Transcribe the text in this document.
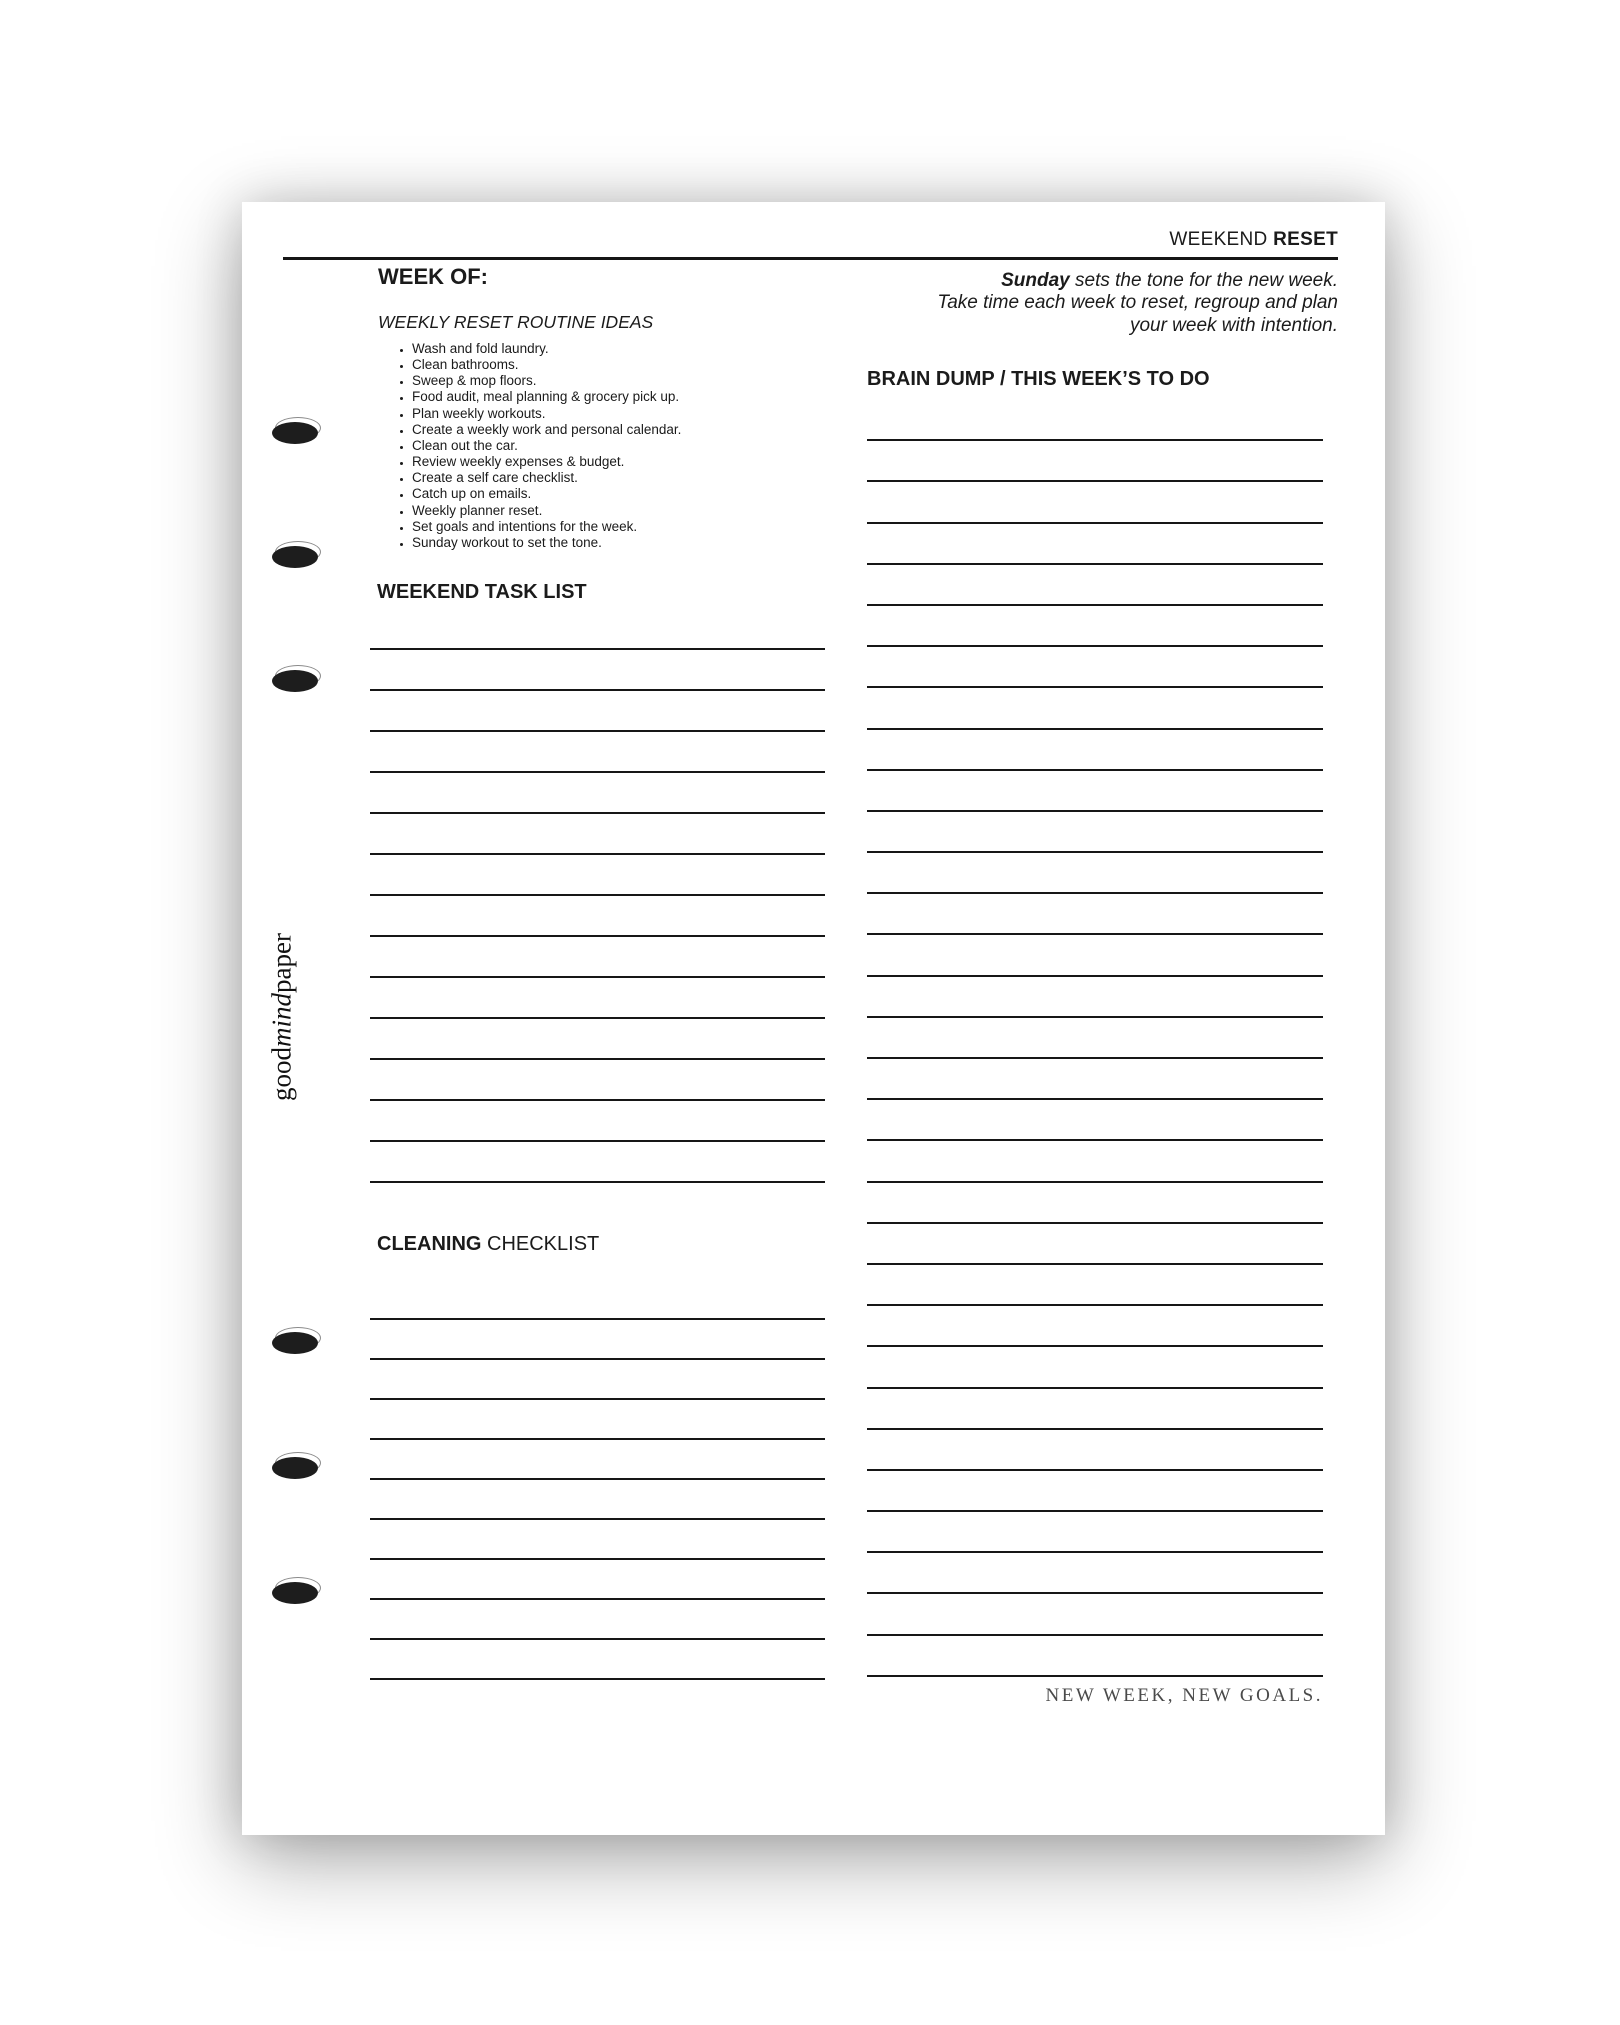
WEEKEND RESET
WEEK OF:
WEEKLY RESET ROUTINE IDEAS
• Wash and fold laundry.
• Clean bathrooms.
• Sweep & mop floors.
• Food audit, meal planning & grocery pick up.
• Plan weekly workouts.
• Create a weekly work and personal calendar.
• Clean out the car.
• Review weekly expenses & budget.
• Create a self care checklist.
• Catch up on emails.
• Weekly planner reset.
• Set goals and intentions for the week.
• Sunday workout to set the tone.
WEEKEND TASK LIST
CLEANING CHECKLIST
Sunday sets the tone for the new week.
Take time each week to reset, regroup and plan
your week with intention.
BRAIN DUMP / THIS WEEK’S TO DO
NEW WEEK, NEW GOALS.
good
mind
paper
